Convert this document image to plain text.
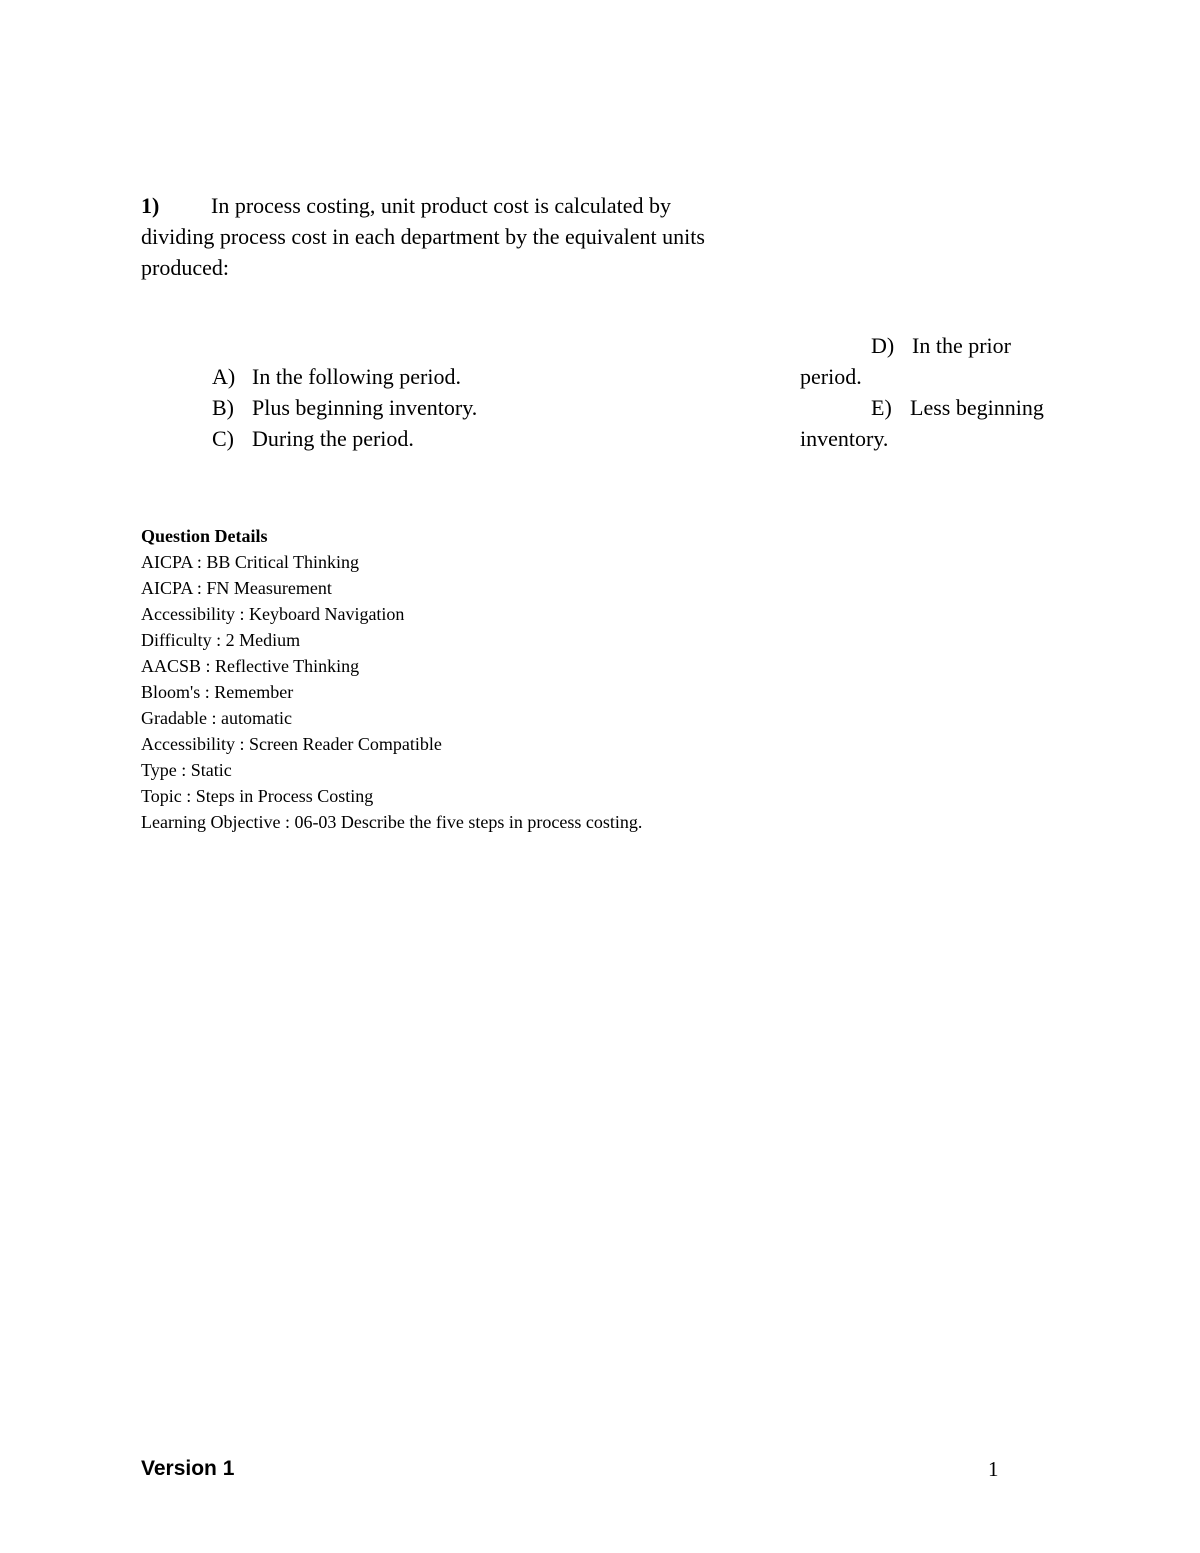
In process costing, unit product cost is calculated by dividing process cost in each department by the equivalent units produced:
1)
A) In the following period.
B) Plus beginning inventory.
C) During the period.
D) In the prior
period.
E) Less beginning
inventory.
Question Details
AICPA : BB Critical Thinking
AICPA : FN Measurement
Accessibility : Keyboard Navigation
Difficulty : 2 Medium
AACSB : Reflective Thinking
Bloom's : Remember
Gradable : automatic
Accessibility : Screen Reader Compatible
Type : Static
Topic : Steps in Process Costing
Learning Objective : 06-03 Describe the five steps in process costing.
Version 1	1
